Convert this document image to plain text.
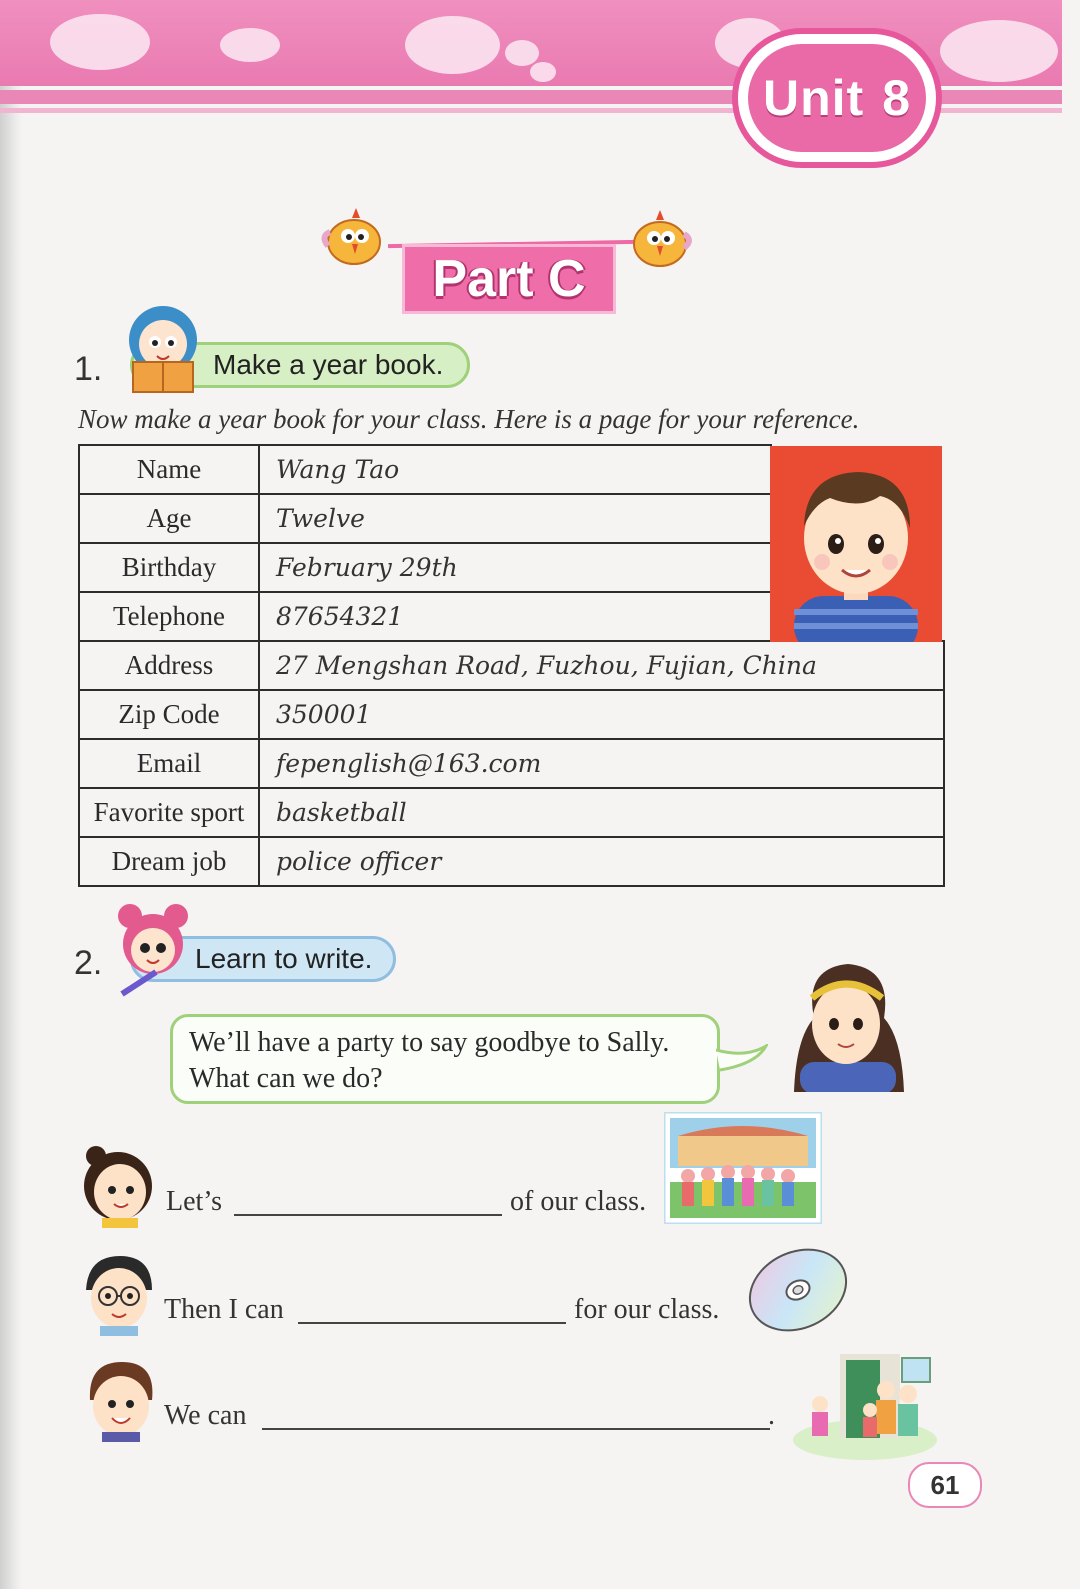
Unit 8
Part C
1.	Make a year book.
Now make a year book for your class. Here is a page for your reference.
Name	Wang Tao	
Age	Twelve	
Birthday	February 29th	
Telephone	87654321	
Address	27 Mengshan Road, Fuzhou, Fujian, China	
Zip Code	350001	
Email	fepenglish@163.com	
Favorite sport	basketball	
Dream job	police officer	
2.	Learn to write.
We’ll have a party to say goodbye to Sally.
What can we do?
Let’s	of our class.
Then I can	for our class.
We can	.
61
